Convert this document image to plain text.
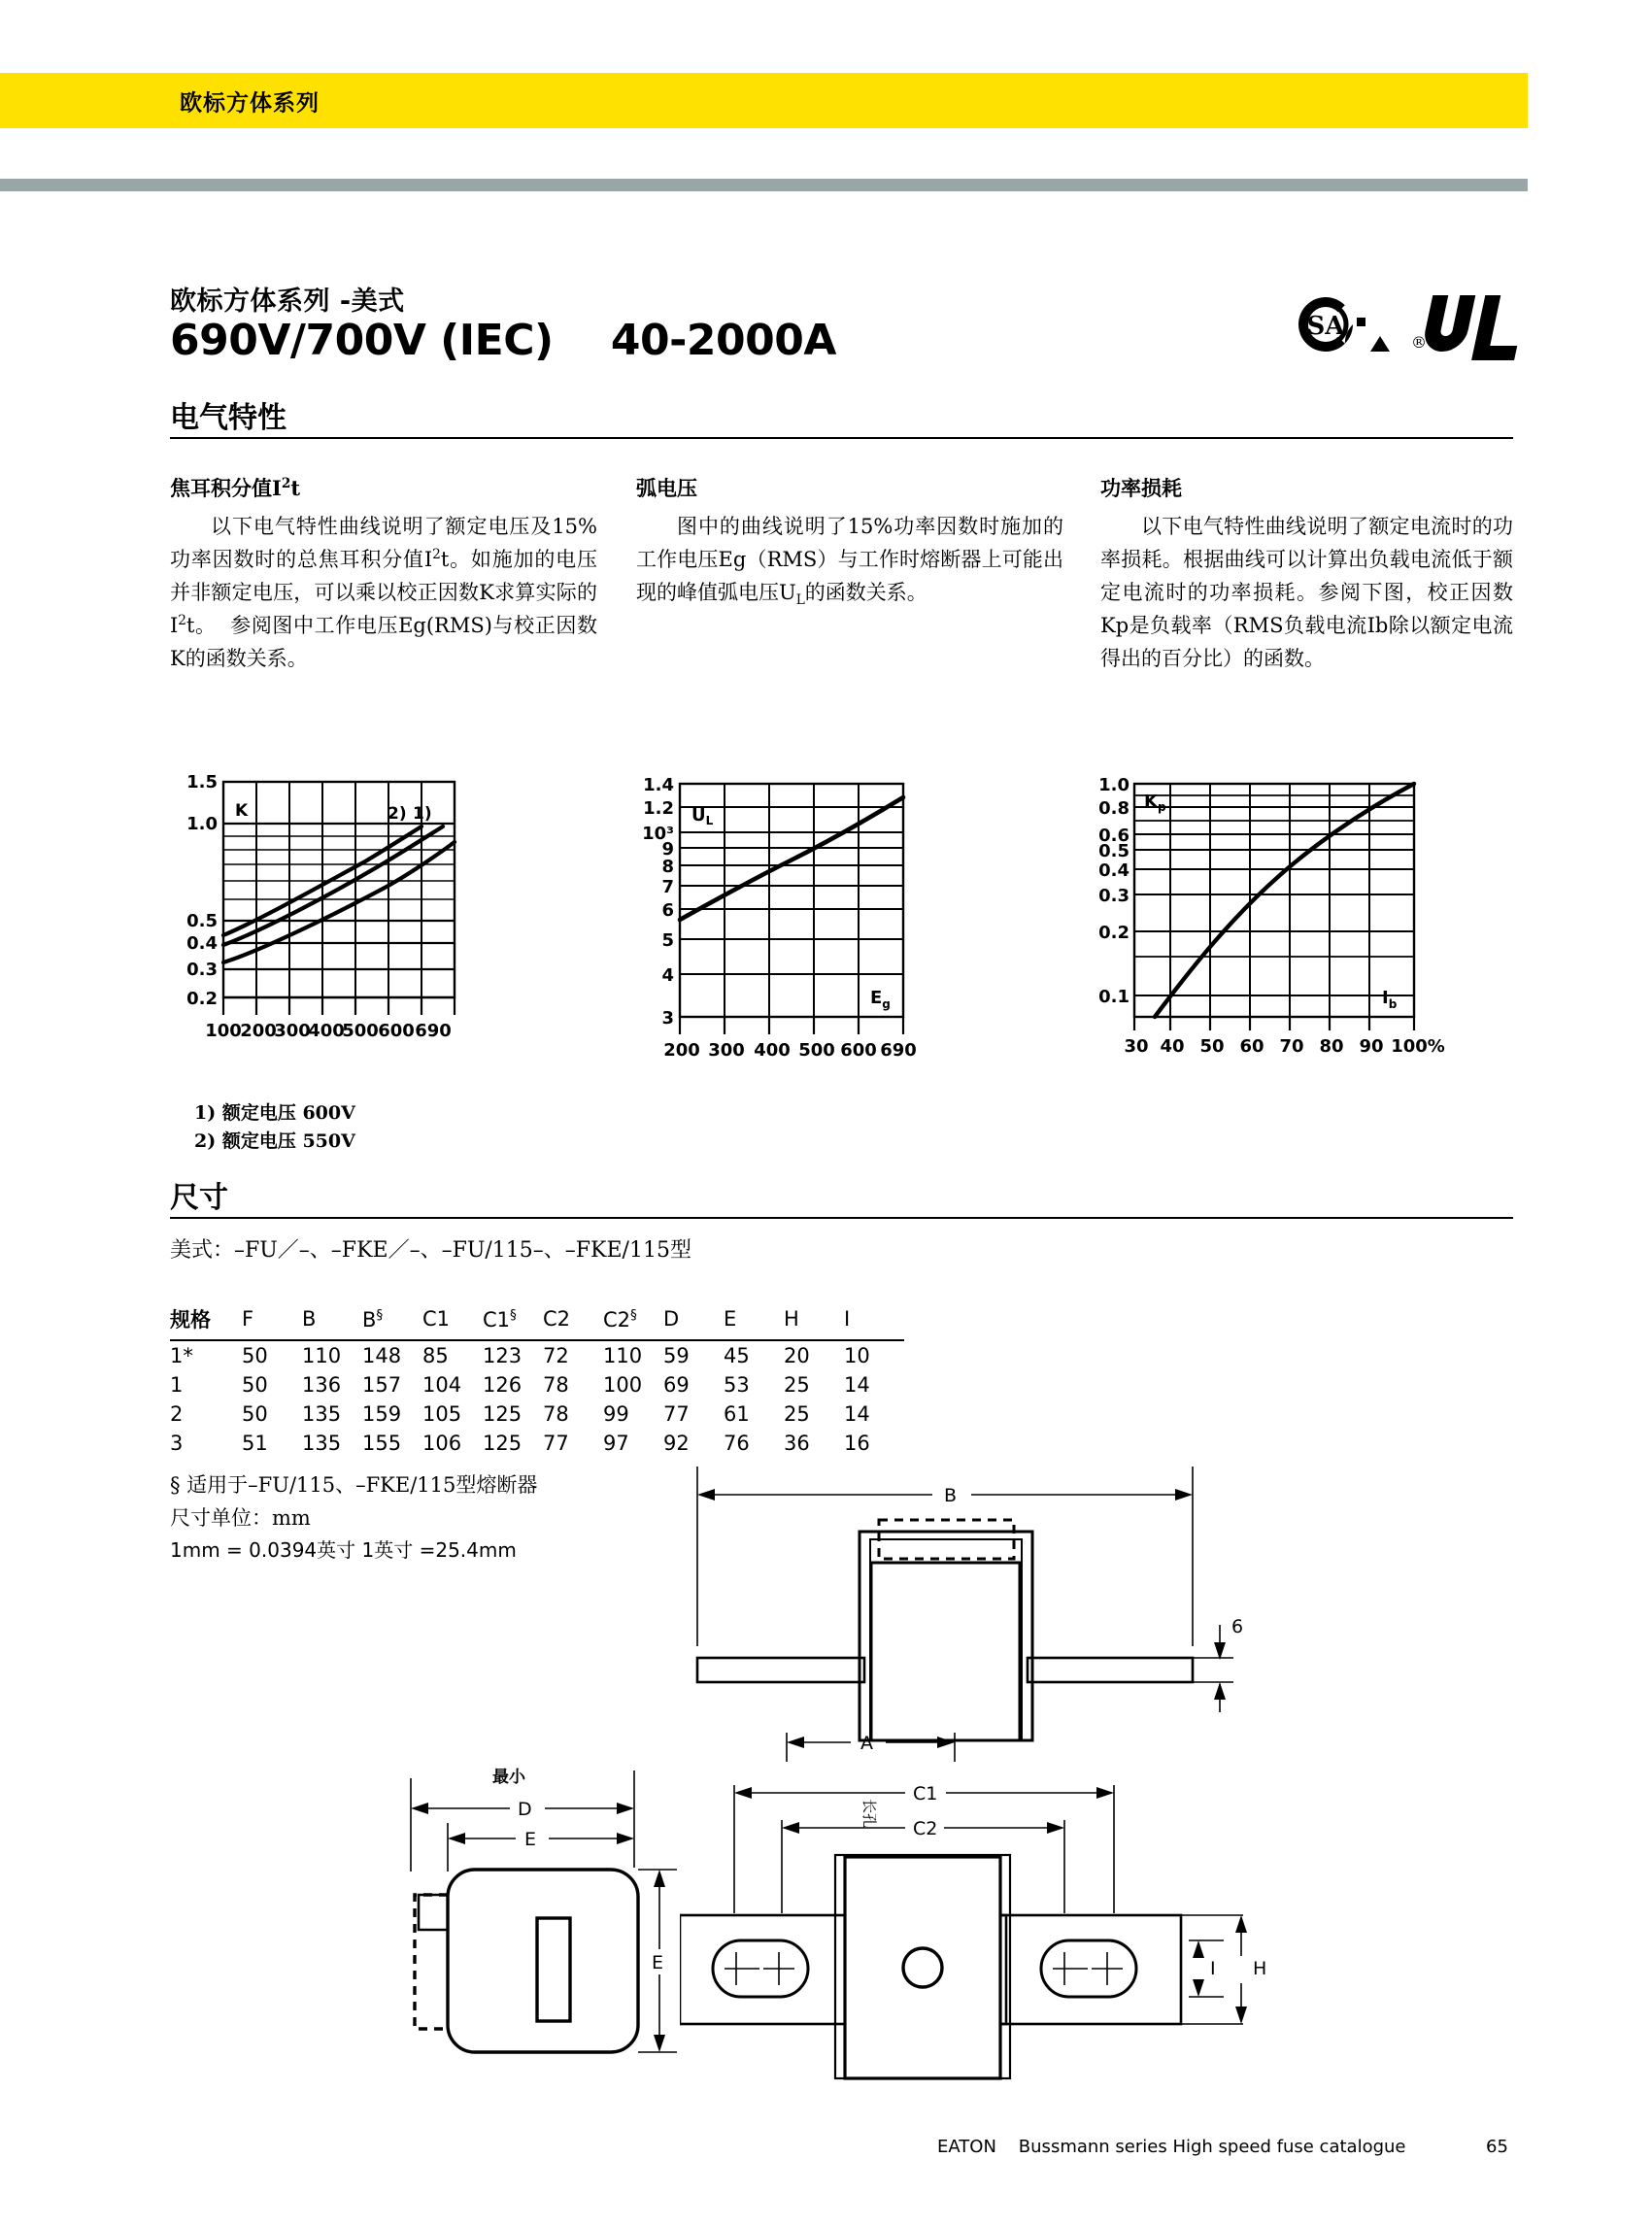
欧标方体系列
欧标方体系列 -美式
690V/700V (IEC)    40-2000A	SA
®
电气特性
焦耳积分值$I^2t$
以下电气特性曲线说明了额定电压及15%功率因数时的总焦耳积分值$I^2t$。如施加的电压并非额定电压，可以乘以校正因数K求算实际的$I^2t$。  参阅图中工作电压Eg(RMS)与校正因数K的函数关系。
弧电压
图中的曲线说明了15%功率因数时施加的工作电压Eg（RMS）与工作时熔断器上可能出现的峰值弧电压$U_L$的函数关系。
功率损耗
以下电气特性曲线说明了额定电流时的功率损耗。根据曲线可以计算出负载电流低于额定电流时的功率损耗。参阅下图，校正因数Kp是负载率（RMS负载电流Ib除以额定电流得出的百分比）的函数。
1.5
1.0
0.5
0.4
0.3
0.2
100
200
300
400
500 600 690
K	2) 1)
1) 额定电压 600V
2) 额定电压 550V
1.4
1.2
10³
9
8
7
6
5
4
3
200 300 400 500 600 690
$U_L$
$E_g$
1.0
0.8
0.6
0.5
0.4
0.3
0.2
0.1
30 40 50 60 70 80 90 100%
$K_p$
$I_b$
尺寸
美式：–FU／–、–FKE／–、–FU/115–、–FKE/115型
规格	F	B	B§	C1	C1§	C2	C2§	D	E	H	I
1*	50	110	148	85	123	72	110	59	45	20	10
1	50	136	157	104	126	78	100	69	53	25	14
2	50	135	159	105	125	78	99	77	61	25	14
3	51	135	155	106	125	77	97	92	76	36	16
§ 适用于–FU/115、–FKE/115型熔断器
尺寸单位：mm
1mm = 0.0394英寸 1英寸 =25.4mm
B
6
最小
D
E
E
A
C1
C2
长孔
I H
EATON    Bussmann series High speed fuse catalogue	65
